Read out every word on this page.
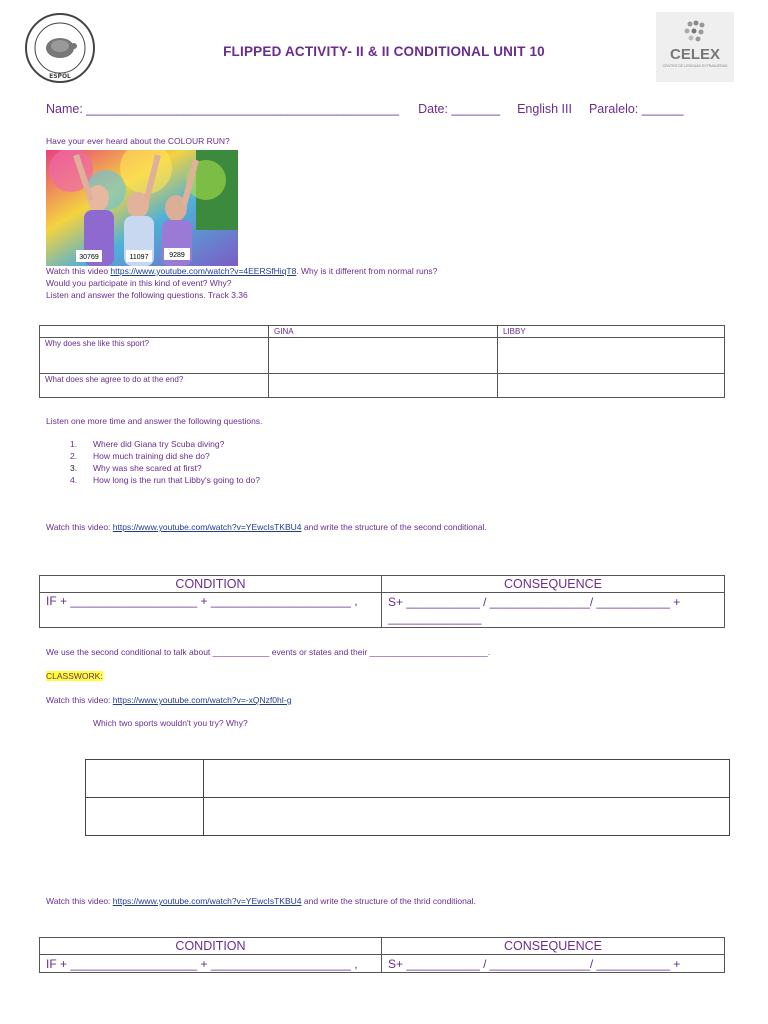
ESPOL
FLIPPED ACTIVITY- II & II CONDITIONAL UNIT 10	CELEX
CENTRO DE LENGUAS EXTRANJERAS
Name: _____________________________________________ Date: _______ English III Paralelo: ______
Have your ever heard about the COLOUR RUN?
30769	11097	9289
Watch this video https://www.youtube.com/watch?v=4EERSfHiqT8. Why is it different from normal runs?
Would you participate in this kind of event? Why?
Listen and answer the following questions. Track 3.36
	GINA	LIBBY
Why does she like this sport?		
What does she agree to do at the end?		
Listen one more time and answer the following questions.
1. Where did Giana try Scuba diving?
2. How much training did she do?
3. Why was she scared at first?
4. How long is the run that Libby's going to do?
Watch this video: https://www.youtube.com/watch?v=YEwcIsTKBU4 and write the structure of the second conditional.
CONDITION	CONSEQUENCE
IF + ___________________ + _____________________ ,	S+ ___________ / _______________/ ___________ +
______________
We use the second conditional to talk about ____________ events or states and their _________________________.
CLASSWORK:
Watch this video: https://www.youtube.com/watch?v=-xQNzf0hI-g
Which two sports wouldn't you try? Why?

Watch this video: https://www.youtube.com/watch?v=YEwcIsTKBU4 and write the structure of the thrid conditional.
CONDITION	CONSEQUENCE
IF + ___________________ + _____________________ ,	S+ ___________ / _______________/ ___________ +
